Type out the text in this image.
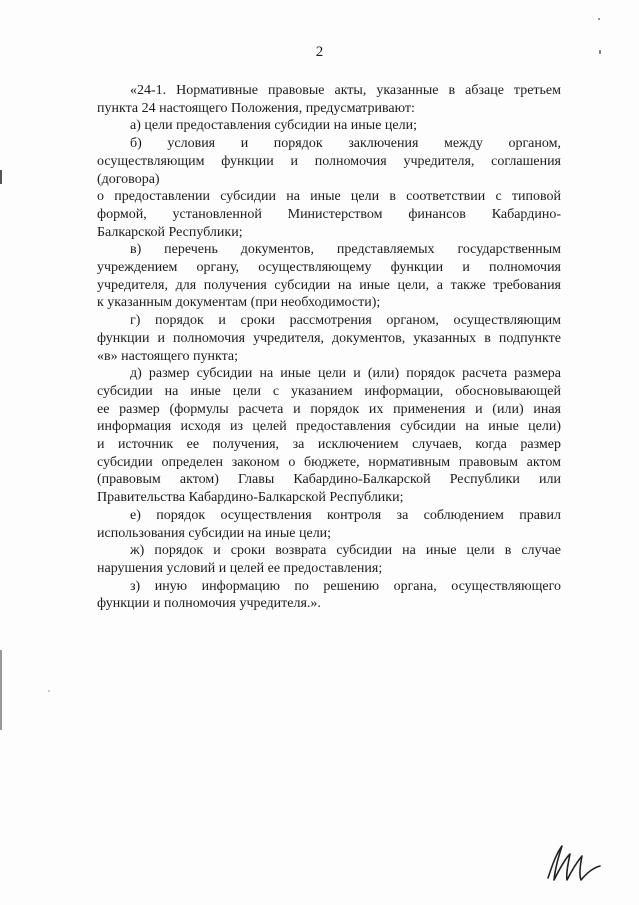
2
«24-1. Нормативные правовые акты, указанные в абзаце третьем
пункта 24 настоящего Положения, предусматривают:
а) цели предоставления субсидии на иные цели;
б) условия и порядок заключения между органом,
осуществляющим функции и полномочия учредителя, соглашения
(договора)
о предоставлении субсидии на иные цели в соответствии с типовой
формой, установленной Министерством финансов Кабардино-
Балкарской Республики;
в) перечень документов, представляемых государственным
учреждением органу, осуществляющему функции и полномочия
учредителя, для получения субсидии на иные цели, а также требования
к указанным документам (при необходимости);
г) порядок и сроки рассмотрения органом, осуществляющим
функции и полномочия учредителя, документов, указанных в подпункте
«в» настоящего пункта;
д) размер субсидии на иные цели и (или) порядок расчета размера
субсидии на иные цели с указанием информации, обосновывающей
ее размер (формулы расчета и порядок их применения и (или) иная
информация исходя из целей предоставления субсидии на иные цели)
и источник ее получения, за исключением случаев, когда размер
субсидии определен законом о бюджете, нормативным правовым актом
(правовым актом) Главы Кабардино-Балкарской Республики или
Правительства Кабардино-Балкарской Республики;
е) порядок осуществления контроля за соблюдением правил
использования субсидии на иные цели;
ж) порядок и сроки возврата субсидии на иные цели в случае
нарушения условий и целей ее предоставления;
з) иную информацию по решению органа, осуществляющего
функции и полномочия учредителя.».
